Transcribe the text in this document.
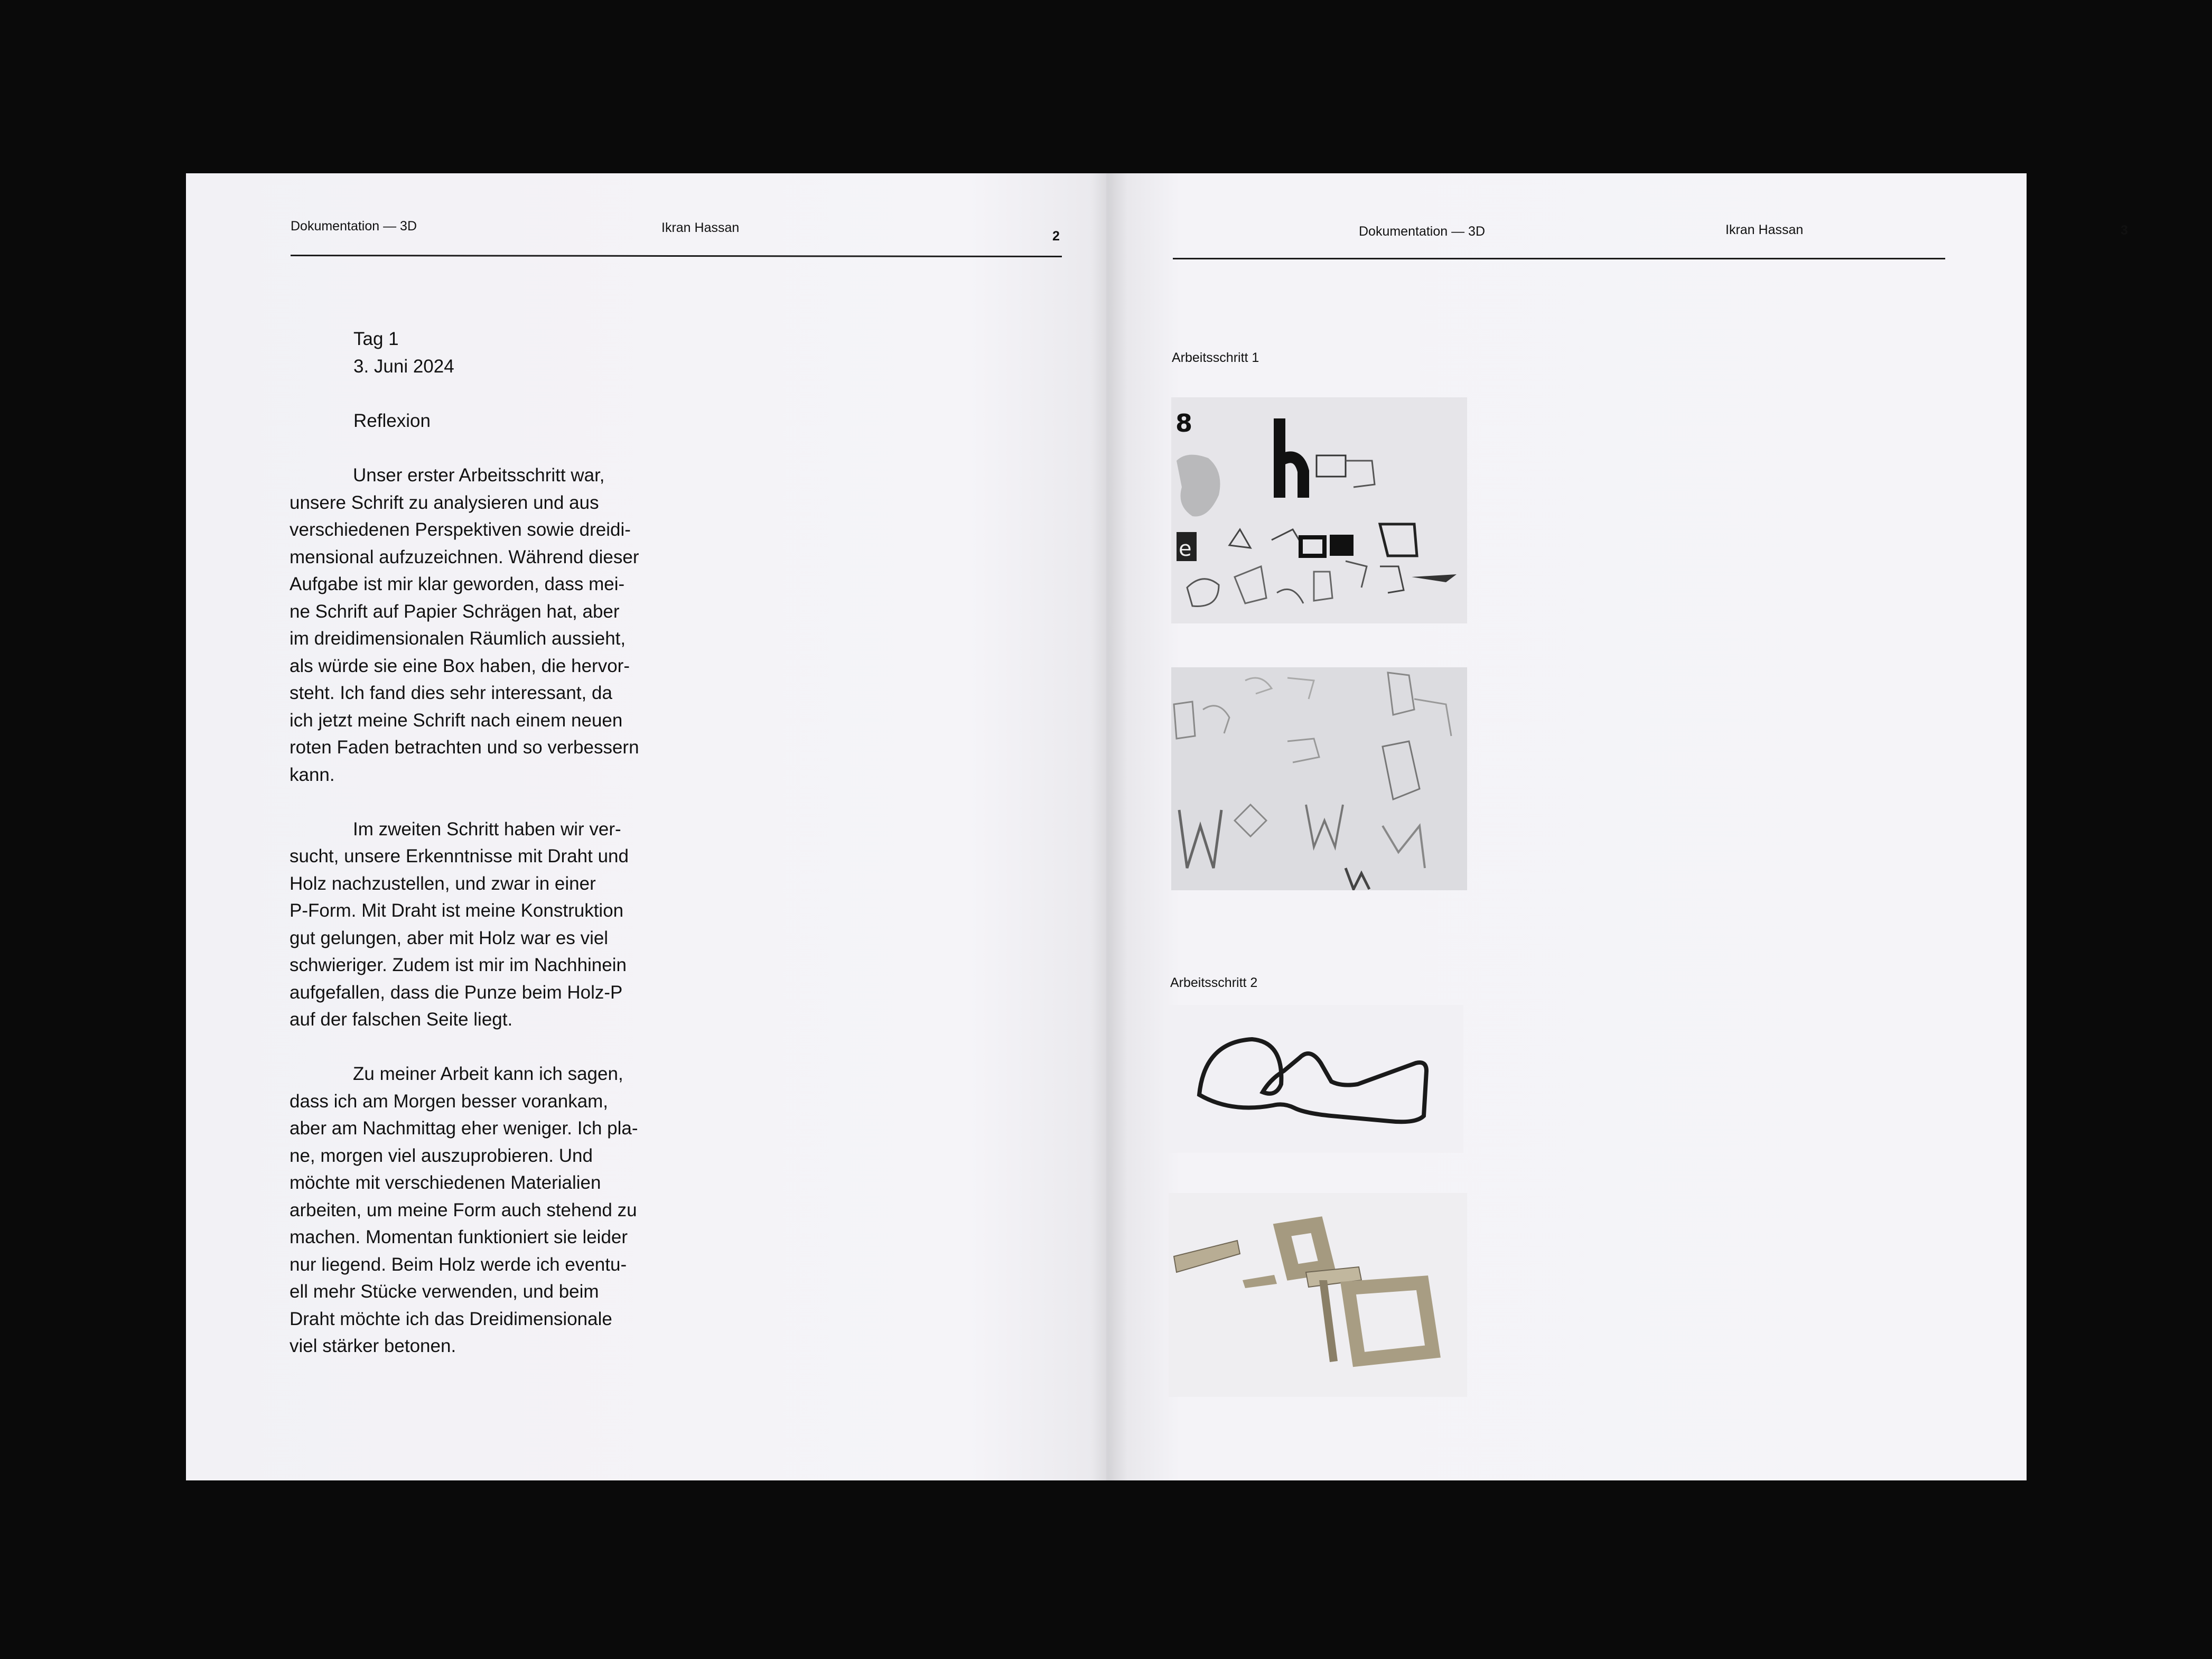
Dokumentation — 3D	Ikran Hassan
2
Tag 1
3. Juni 2024
Reflexion

Unser erster Arbeitsschritt war,

unsere Schrift zu analysieren und aus

verschiedenen Perspektiven sowie dreidi-

mensional aufzuzeichnen. Während dieser

Aufgabe ist mir klar geworden, dass mei-

ne Schrift auf Papier Schrägen hat, aber

im dreidimensionalen Räumlich aussieht,

als würde sie eine Box haben, die hervor-

steht. Ich fand dies sehr interessant, da

ich jetzt meine Schrift nach einem neuen

roten Faden betrachten und so verbessern

kann.

Im zweiten Schritt haben wir ver-

sucht, unsere Erkenntnisse mit Draht und

Holz nachzustellen, und zwar in einer

P-Form. Mit Draht ist meine Konstruktion

gut gelungen, aber mit Holz war es viel

schwieriger. Zudem ist mir im Nachhinein

aufgefallen, dass die Punze beim Holz-P

auf der falschen Seite liegt.

Zu meiner Arbeit kann ich sagen,

dass ich am Morgen besser vorankam,

aber am Nachmittag eher weniger. Ich pla-

ne, morgen viel auszuprobieren. Und

möchte mit verschiedenen Materialien

arbeiten, um meine Form auch stehend zu

machen. Momentan funktioniert sie leider

nur liegend. Beim Holz werde ich eventu-

ell mehr Stücke verwenden, und beim

Draht möchte ich das Dreidimensionale

viel stärker betonen.

Dokumentation — 3D	Ikran Hassan	3
Arbeitsschritt 1
8
e
Arbeitsschritt 2
